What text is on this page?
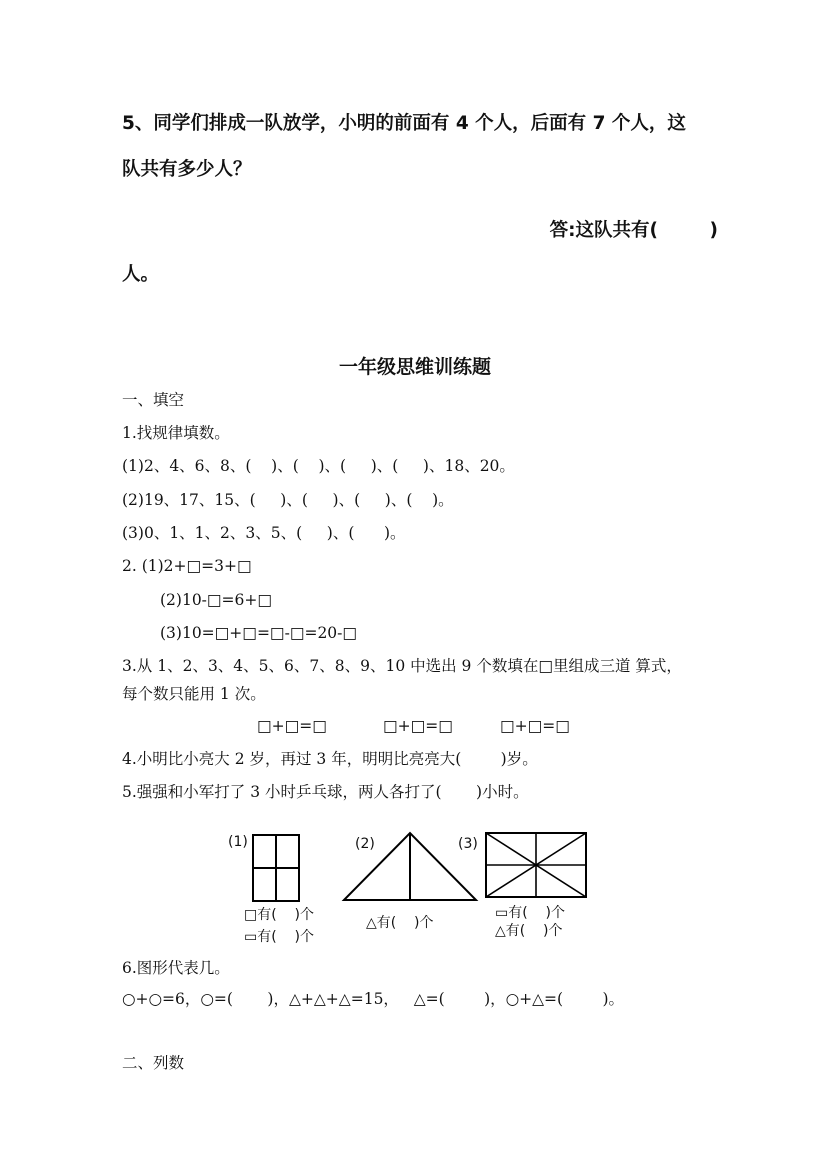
5、同学们排成一队放学，小明的前面有 4 个人，后面有 7 个人，这
队共有多少人？
答:这队共有(        )
人。
一年级思维训练题
一、填空
1.找规律填数。
(1)2、4、6、8、(    )、(    )、(     )、(     )、18、20。
(2)19、17、15、(     )、(     )、(     )、(    )。
(3)0、1、1、2、3、5、(     )、(      )。
2. (1)2+□=3+□
(2)10-□=6+□
(3)10=□+□=□-□=20-□
3.从 1、2、3、4、5、6、7、8、9、10 中选出 9 个数填在□里组成三道 算式，
每个数只能用 1 次。
□+□=□	□+□=□	□+□=□
4.小明比小亮大 2 岁，再过 3 年，明明比亮亮大(        )岁。
5.强强和小军打了 3 小时乒乓球，两人各打了(       )小时。
(1)
□有(    )个
▭有(    )个
(2)
△有(    )个
(3)
▭有(    )个
△有(    )个
6.图形代表几。
○+○=6，○=(       )，△+△+△=15，   △=(        )，○+△=(        )。
二、列数
